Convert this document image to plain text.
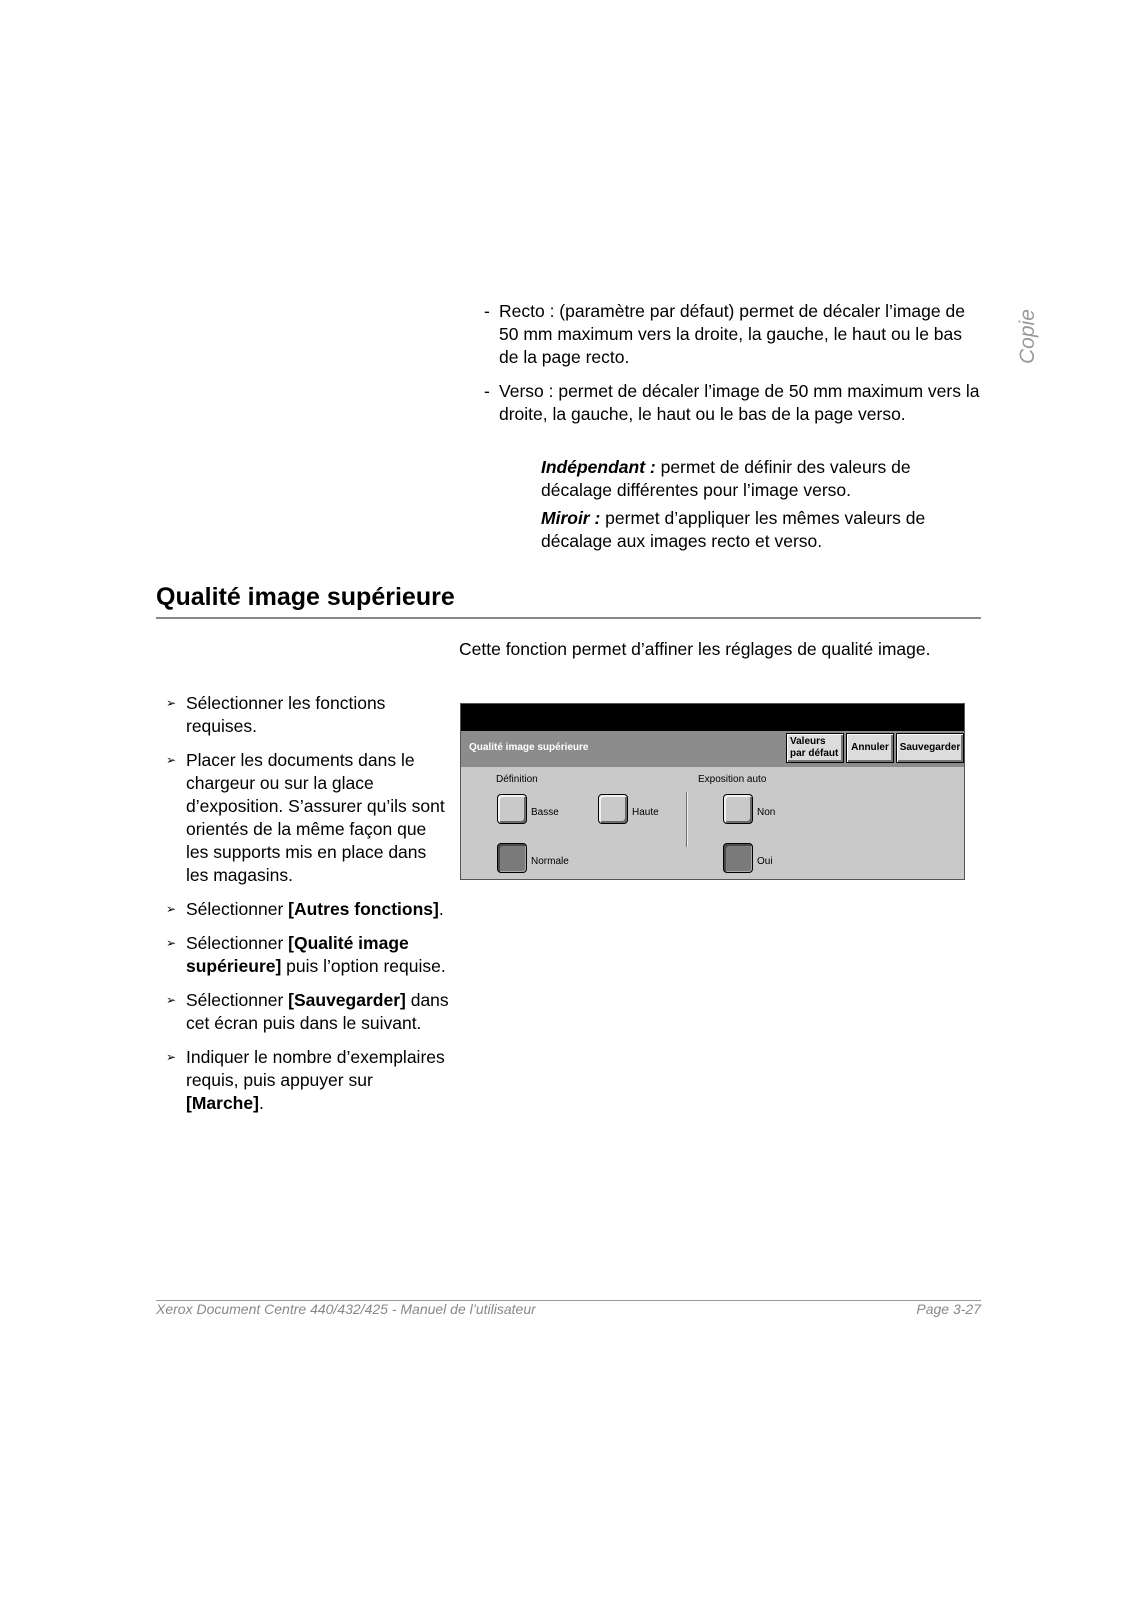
Copie
- Recto : (paramètre par défaut) permet de décaler l’image de 50 mm maximum vers la droite, la gauche, le haut ou le bas de la page recto.
- Verso : permet de décaler l’image de 50 mm maximum vers la droite, la gauche, le haut ou le bas de la page verso.
Indépendant : permet de définir des valeurs de décalage différentes pour l’image verso.
Miroir : permet d’appliquer les mêmes valeurs de décalage aux images recto et verso.
Qualité image supérieure
Cette fonction permet d’affiner les réglages de qualité image.
➢ Sélectionner les fonctions requises.
➢ Placer les documents dans le chargeur ou sur la glace d’exposition. S’assurer qu’ils sont orientés de la même façon que les supports mis en place dans les magasins.
➢ Sélectionner [Autres fonctions].
➢ Sélectionner [Qualité image supérieure] puis l’option requise.
➢ Sélectionner [Sauvegarder] dans cet écran puis dans le suivant.
➢ Indiquer le nombre d’exemplaires requis, puis appuyer sur [Marche].
Qualité image supérieure
Valeurs
par défaut
Annuler	Sauvegarder
Définition	Exposition auto
Basse	Haute
Normale
Non
Oui
Xerox Document Centre 440/432/425 - Manuel de l’utilisateur	Page 3-27
